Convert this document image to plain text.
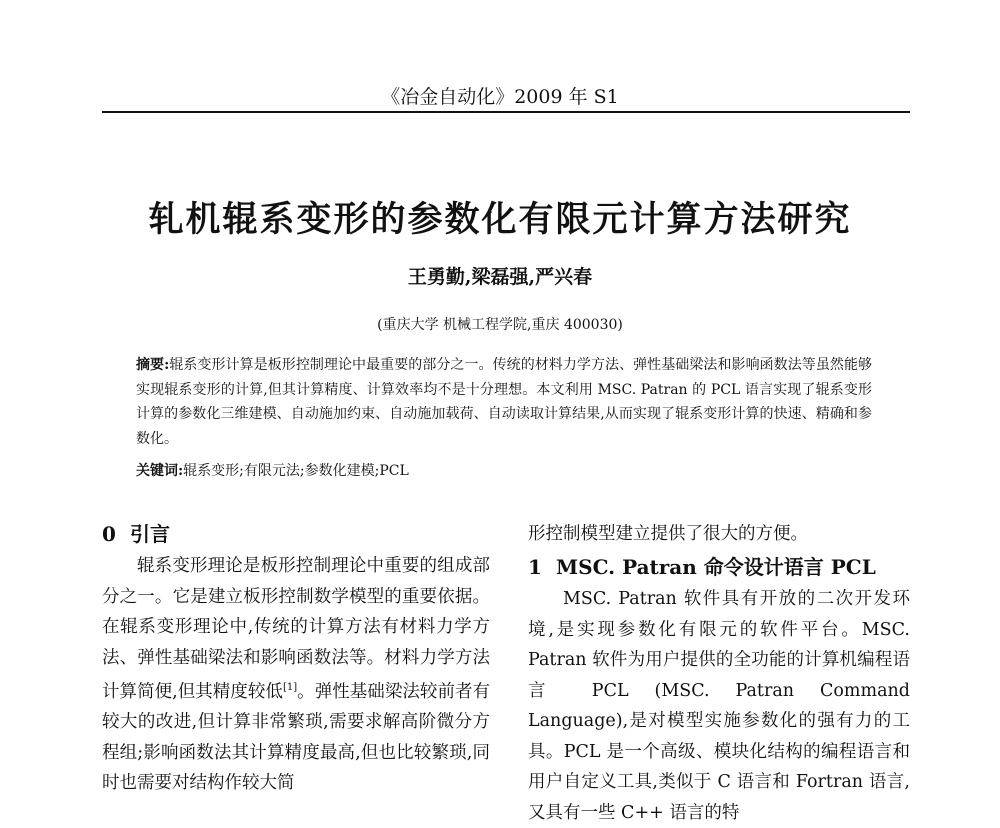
《冶金自动化》2009 年 S1
轧机辊系变形的参数化有限元计算方法研究
王勇勤,梁磊强,严兴春
(重庆大学 机械工程学院,重庆 400030)
摘要:辊系变形计算是板形控制理论中最重要的部分之一。传统的材料力学方法、弹性基础梁法和影响函数法等虽然能够实现辊系变形的计算,但其计算精度、计算效率均不是十分理想。本文利用 MSC. Patran 的 PCL 语言实现了辊系变形计算的参数化三维建模、自动施加约束、自动施加载荷、自动读取计算结果,从而实现了辊系变形计算的快速、精确和参数化。
关键词:辊系变形;有限元法;参数化建模;PCL
0 引言

辊系变形理论是板形控制理论中重要的组成部分之一。它是建立板形控制数学模型的重要依据。在辊系变形理论中,传统的计算方法有材料力学方法、弹性基础梁法和影响函数法等。材料力学方法计算简便,但其精度较低[1]。弹性基础梁法较前者有较大的改进,但计算非常繁琐,需要求解高阶微分方程组;影响函数法其计算精度最高,但也比较繁琐,同时也需要对结构作较大简

形控制模型建立提供了很大的方便。

1 MSC. Patran 命令设计语言 PCL

MSC. Patran 软件具有开放的二次开发环境,是实现参数化有限元的软件平台。MSC. Patran 软件为用户提供的全功能的计算机编程语言 PCL (MSC. Patran Command Language),是对模型实施参数化的强有力的工具。PCL 是一个高级、模块化结构的编程语言和用户自定义工具,类似于 C 语言和 Fortran 语言,又具有一些 C++ 语言的特
